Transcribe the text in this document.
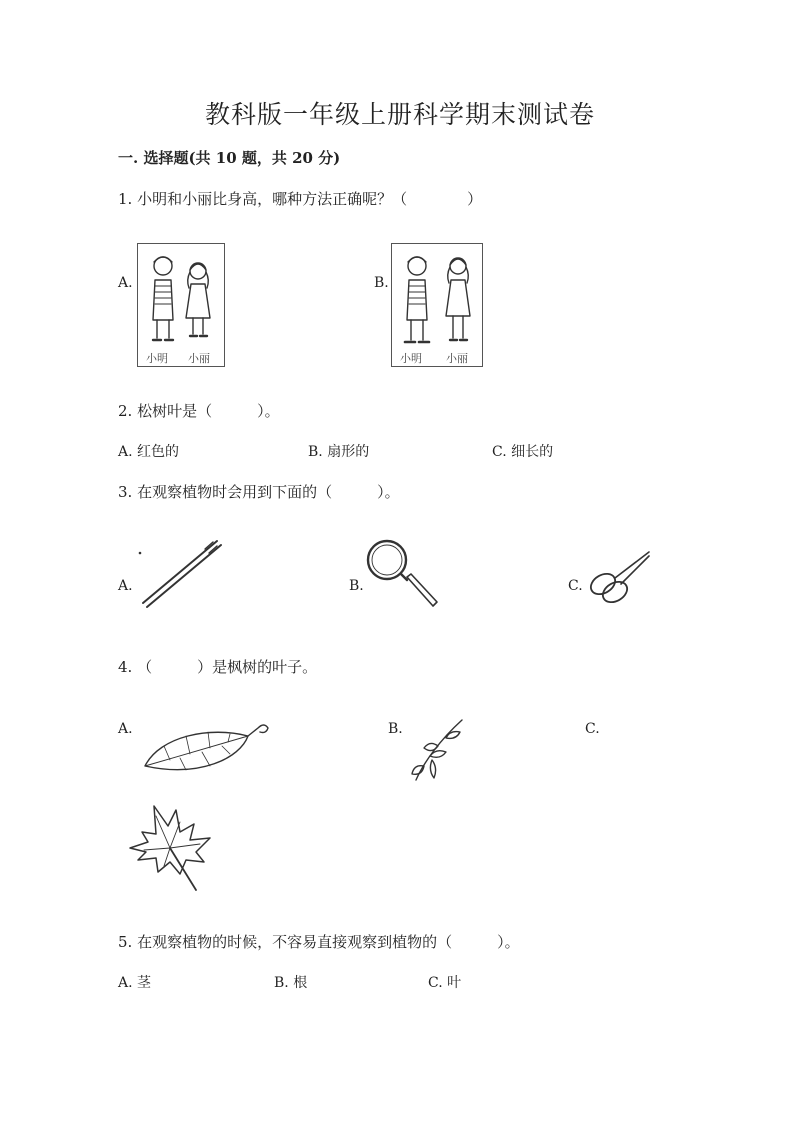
教科版一年级上册科学期末测试卷
一. 选择题(共 10 题，共 20 分)
1. 小明和小丽比身高，哪种方法正确呢？（　　　　）
A.
小明 小丽
B.
小明 小丽
2. 松树叶是（　　　）。
A. 红色的	B. 扇形的	C. 细长的
3. 在观察植物时会用到下面的（　　　）。
A.	B.	C.
4. （　　　）是枫树的叶子。
A.	B.	C.
5. 在观察植物的时候，不容易直接观察到植物的（　　　）。
A. 茎	B. 根	C. 叶
